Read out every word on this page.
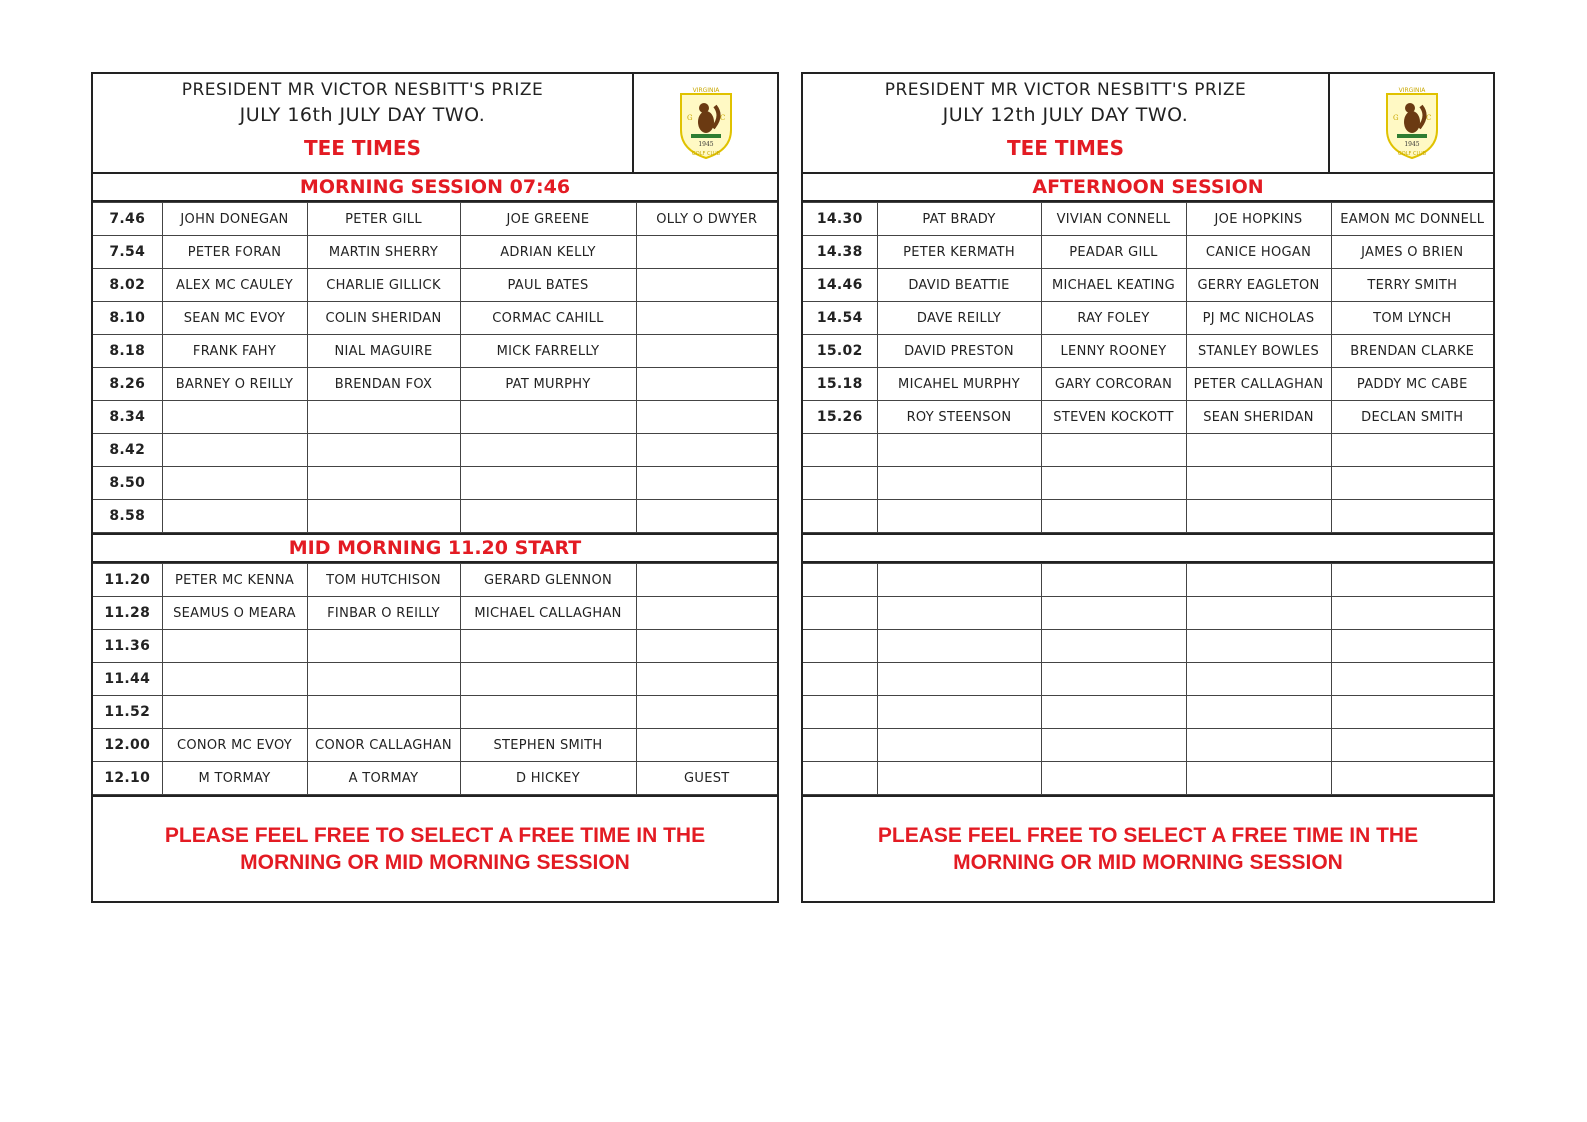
PRESIDENT MR VICTOR NESBITT'S PRIZE
JULY 16th JULY DAY TWO.
TEE TIMES
VIRGINIA
G	C
1945
GOLF CLUB
MORNING SESSION 07:46
7.46	JOHN DONEGAN	PETER GILL	JOE GREENE	OLLY O DWYER
7.54	PETER FORAN	MARTIN SHERRY	ADRIAN KELLY	
8.02	ALEX MC CAULEY	CHARLIE GILLICK	PAUL BATES	
8.10	SEAN MC EVOY	COLIN SHERIDAN	CORMAC CAHILL	
8.18	FRANK FAHY	NIAL MAGUIRE	MICK FARRELLY	
8.26	BARNEY O REILLY	BRENDAN FOX	PAT MURPHY	
8.34				
8.42				
8.50				
8.58				
MID MORNING 11.20 START
11.20	PETER MC KENNA	TOM HUTCHISON	GERARD GLENNON	
11.28	SEAMUS O MEARA	FINBAR O REILLY	MICHAEL CALLAGHAN	
11.36				
11.44				
11.52				
12.00	CONOR MC EVOY	CONOR CALLAGHAN	STEPHEN SMITH	
12.10	M TORMAY	A TORMAY	D HICKEY	GUEST
PLEASE FEEL FREE TO SELECT A FREE TIME IN THE
MORNING OR MID MORNING SESSION
PRESIDENT MR VICTOR NESBITT'S PRIZE
JULY 12th JULY DAY TWO.
TEE TIMES
VIRGINIA
G	C
1945
GOLF CLUB
AFTERNOON SESSION
14.30	PAT BRADY	VIVIAN CONNELL	JOE HOPKINS	EAMON MC DONNELL
14.38	PETER KERMATH	PEADAR GILL	CANICE HOGAN	JAMES O BRIEN
14.46	DAVID BEATTIE	MICHAEL KEATING	GERRY EAGLETON	TERRY SMITH
14.54	DAVE REILLY	RAY FOLEY	PJ MC NICHOLAS	TOM LYNCH
15.02	DAVID PRESTON	LENNY ROONEY	STANLEY BOWLES	BRENDAN CLARKE
15.18	MICAHEL MURPHY	GARY CORCORAN	PETER CALLAGHAN	PADDY MC CABE
15.26	ROY STEENSON	STEVEN KOCKOTT	SEAN SHERIDAN	DECLAN SMITH

PLEASE FEEL FREE TO SELECT A FREE TIME IN THE
MORNING OR MID MORNING SESSION
